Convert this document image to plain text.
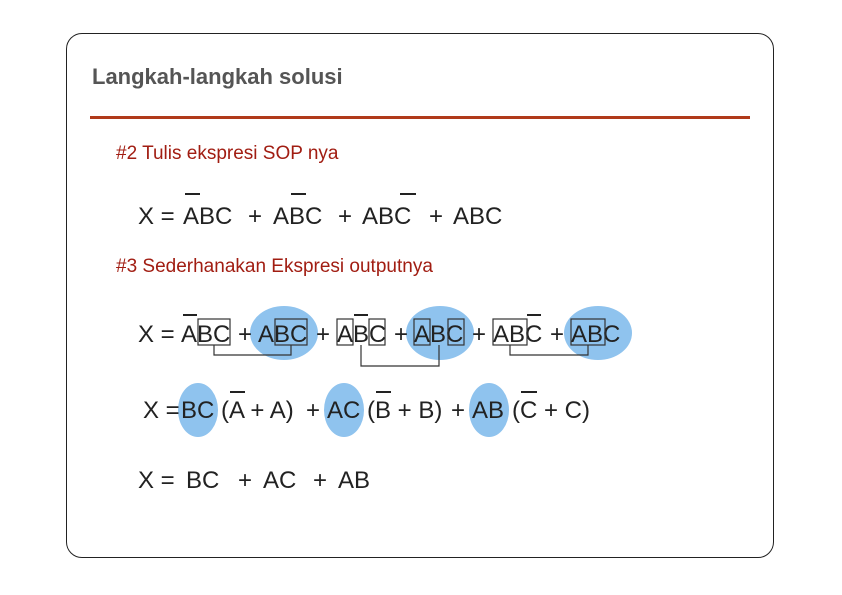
Langkah-langkah solusi
#2 Tulis ekspresi SOP nya
#3 Sederhanakan Ekspresi outputnya
X = ABC + ABC + ABC + ABC
X = ABC + ABC + ABC + ABC + ABC + ABC
X = BC (A + A) + AC (B + B) + AB (C + C)
X = BC + AC + AB
